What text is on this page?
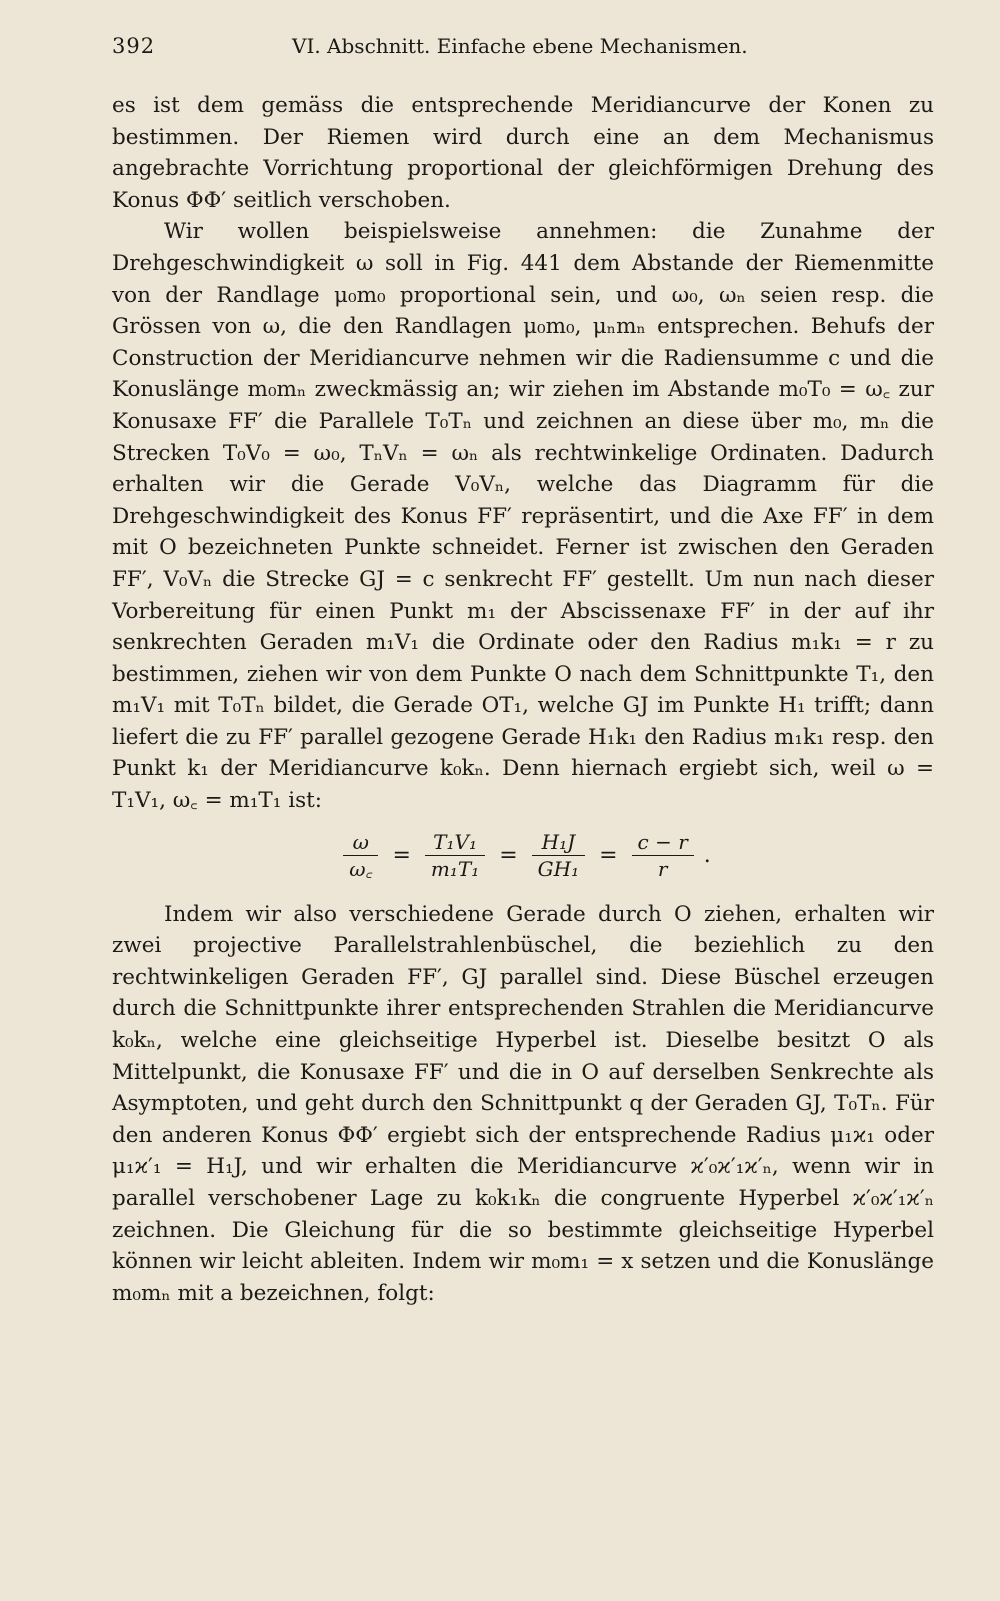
392	VI. Abschnitt. Einfache ebene Mechanismen.

es ist dem gemäss die entsprechende Meridiancurve der Konen zu bestimmen. Der Riemen wird durch eine an dem Mechanismus angebrachte Vorrichtung proportional der gleichförmigen Drehung des Konus ΦΦ′ seitlich verschoben.

Wir wollen beispielsweise annehmen: die Zunahme der Drehgeschwindigkeit ω soll in Fig. 441 dem Abstande der Riemenmitte von der Randlage μ₀m₀ proportional sein, und ω₀, ωₙ seien resp. die Grössen von ω, die den Randlagen μ₀m₀, μₙmₙ entsprechen. Behufs der Construction der Meridiancurve nehmen wir die Radiensumme c und die Konuslänge m₀mₙ zweckmässig an; wir ziehen im Abstande m₀T₀ = ω꜀ zur Konusaxe FF′ die Parallele T₀Tₙ und zeichnen an diese über m₀, mₙ die Strecken T₀V₀ = ω₀, TₙVₙ = ωₙ als rechtwinkelige Ordinaten. Dadurch erhalten wir die Gerade V₀Vₙ, welche das Diagramm für die Drehgeschwindigkeit des Konus FF′ repräsentirt, und die Axe FF′ in dem mit O bezeichneten Punkte schneidet. Ferner ist zwischen den Geraden FF′, V₀Vₙ die Strecke GJ = c senkrecht FF′ gestellt. Um nun nach dieser Vorbereitung für einen Punkt m₁ der Abscissenaxe FF′ in der auf ihr senkrechten Geraden m₁V₁ die Ordinate oder den Radius m₁k₁ = r zu bestimmen, ziehen wir von dem Punkte O nach dem Schnittpunkte T₁, den m₁V₁ mit T₀Tₙ bildet, die Gerade OT₁, welche GJ im Punkte H₁ trifft; dann liefert die zu FF′ parallel gezogene Gerade H₁k₁ den Radius m₁k₁ resp. den Punkt k₁ der Meridiancurve k₀kₙ. Denn hiernach ergiebt sich, weil ω = T₁V₁, ω꜀ = m₁T₁ ist:

$\frac{\omega}{\omega꜀} = \frac{\text{T₁V₁}}{\text{m₁T₁}} = \frac{\text{H₁J}}{\text{GH₁}} = \frac{c - r}{r}$ .

Indem wir also verschiedene Gerade durch O ziehen, erhalten wir zwei projective Parallelstrahlenbüschel, die beziehlich zu den rechtwinkeligen Geraden FF′, GJ parallel sind. Diese Büschel erzeugen durch die Schnittpunkte ihrer entsprechenden Strahlen die Meridiancurve k₀kₙ, welche eine gleichseitige Hyperbel ist. Dieselbe besitzt O als Mittelpunkt, die Konusaxe FF′ und die in O auf derselben Senkrechte als Asymptoten, und geht durch den Schnittpunkt q der Geraden GJ, T₀Tₙ. Für den anderen Konus ΦΦ′ ergiebt sich der entsprechende Radius μ₁ϰ₁ oder μ₁ϰ′₁ = H₁J, und wir erhalten die Meridiancurve ϰ′₀ϰ′₁ϰ′ₙ, wenn wir in parallel verschobener Lage zu k₀k₁kₙ die congruente Hyperbel ϰ′₀ϰ′₁ϰ′ₙ zeichnen. Die Gleichung für die so bestimmte gleichseitige Hyperbel können wir leicht ableiten. Indem wir m₀m₁ = x setzen und die Konuslänge m₀mₙ mit a bezeichnen, folgt:
